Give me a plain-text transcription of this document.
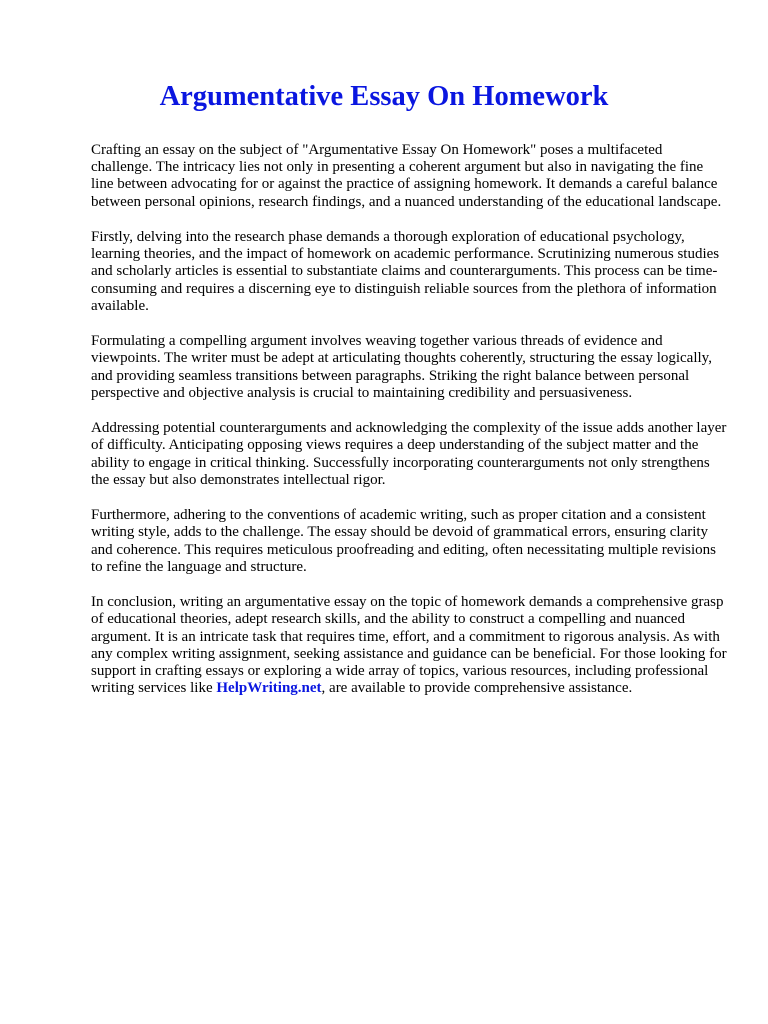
Argumentative Essay On Homework

Crafting an essay on the subject of "Argumentative Essay On Homework" poses a multifaceted challenge. The intricacy lies not only in presenting a coherent argument but also in navigating the fine line between advocating for or against the practice of assigning homework. It demands a careful balance between personal opinions, research findings, and a nuanced understanding of the educational landscape.

Firstly, delving into the research phase demands a thorough exploration of educational psychology, learning theories, and the impact of homework on academic performance. Scrutinizing numerous studies and scholarly articles is essential to substantiate claims and counterarguments. This process can be time-consuming and requires a discerning eye to distinguish reliable sources from the plethora of information available.

Formulating a compelling argument involves weaving together various threads of evidence and viewpoints. The writer must be adept at articulating thoughts coherently, structuring the essay logically, and providing seamless transitions between paragraphs. Striking the right balance between personal perspective and objective analysis is crucial to maintaining credibility and persuasiveness.

Addressing potential counterarguments and acknowledging the complexity of the issue adds another layer of difficulty. Anticipating opposing views requires a deep understanding of the subject matter and the ability to engage in critical thinking. Successfully incorporating counterarguments not only strengthens the essay but also demonstrates intellectual rigor.

Furthermore, adhering to the conventions of academic writing, such as proper citation and a consistent writing style, adds to the challenge. The essay should be devoid of grammatical errors, ensuring clarity and coherence. This requires meticulous proofreading and editing, often necessitating multiple revisions to refine the language and structure.

In conclusion, writing an argumentative essay on the topic of homework demands a comprehensive grasp of educational theories, adept research skills, and the ability to construct a compelling and nuanced argument. It is an intricate task that requires time, effort, and a commitment to rigorous analysis. As with any complex writing assignment, seeking assistance and guidance can be beneficial. For those looking for support in crafting essays or exploring a wide array of topics, various resources, including professional writing services like HelpWriting.net, are available to provide comprehensive assistance.
